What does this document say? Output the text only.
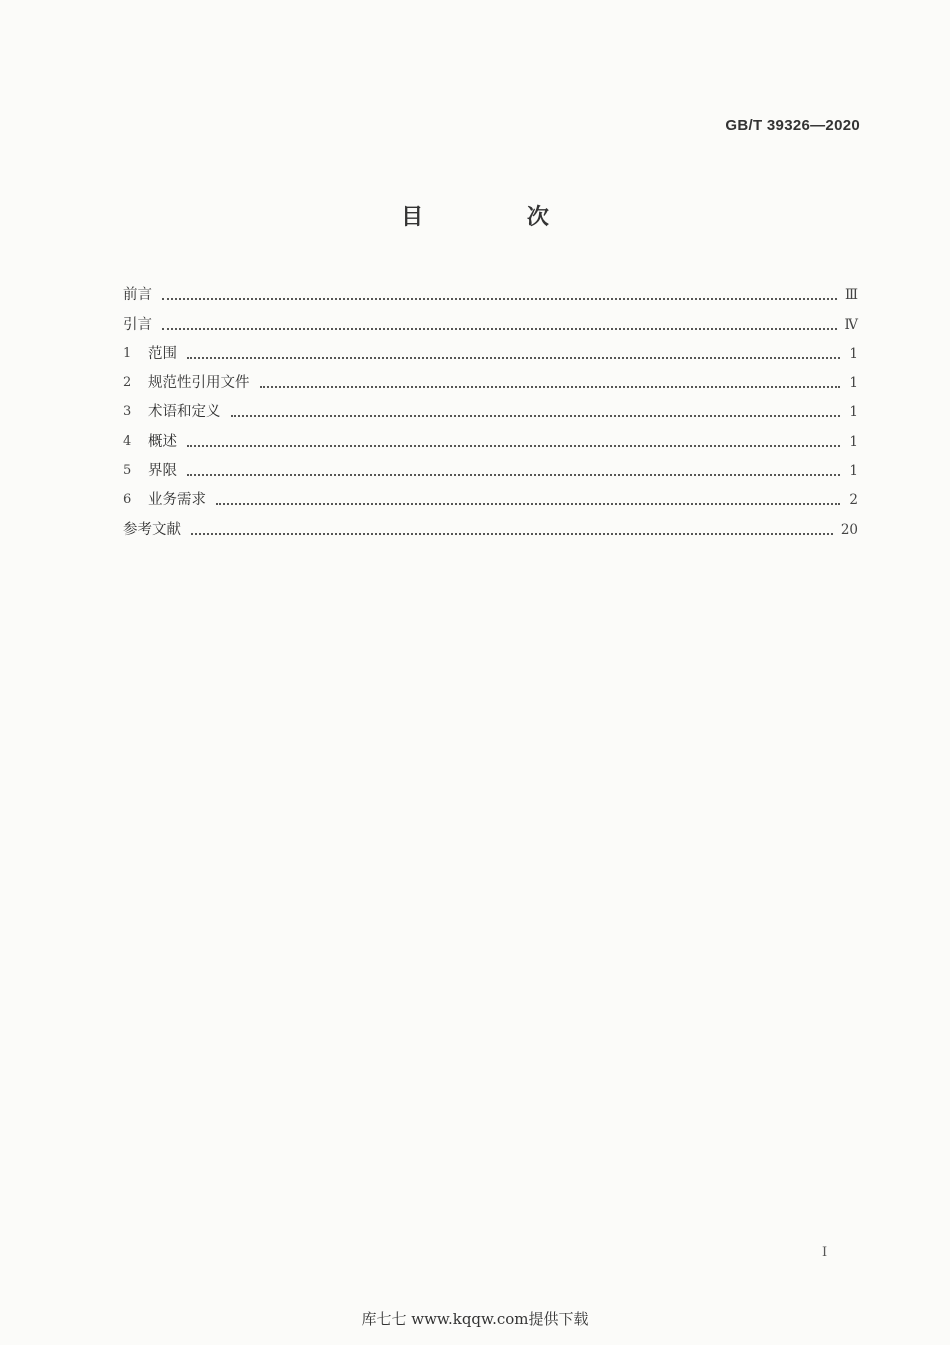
GB/T 39326—2020
目 次
前言	Ⅲ
引言	Ⅳ
1	范围	1
2	规范性引用文件	1
3	术语和定义	1
4	概述	1
5	界限	1
6	业务需求	2
参考文献	20
I
库七七 www.kqqw.com提供下载
